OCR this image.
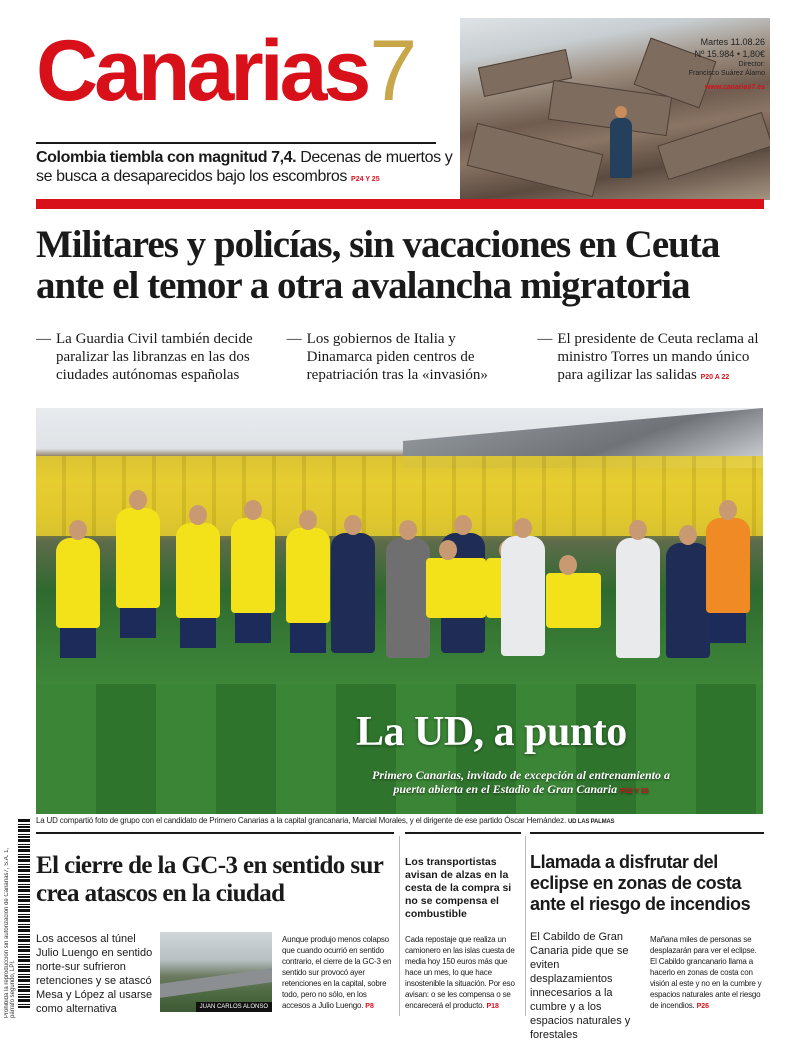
Canarias7	Martes 11.08.26
Nº 15.984 • 1,80€
Director:
Francisco Suárez Álamo
www.canarias7.es
Colombia tiembla con magnitud 7,4. Decenas de muertos y se busca a desaparecidos bajo los escombros P24 Y 25
Militares y policías, sin vacaciones en Ceuta ante el temor a otra avalancha migratoria
— La Guardia Civil también decide
paralizar las libranzas en las dos ciudades autónomas españolas
— Los gobiernos de Italia y
Dinamarca piden centros de repatriación tras la «invasión»
— El presidente de Ceuta reclama al
ministro Torres un mando único para agilizar las salidas P20 A 22
La UD, a punto
Primero Canarias, invitado de excepción al entrenamiento a puerta abierta en el Estadio de Gran Canaria P32 Y 33
La UD compartió foto de grupo con el candidato de Primero Canarias a la capital grancanaria, Marcial Morales, y el dirigente de ese partido Óscar Hernández. UD LAS PALMAS
Prohibida la reproducción sin autorización de Canarias7, S.A. 1, párrafo segundo, LPI.
El cierre de la GC-3 en sentido sur crea atascos en la ciudad
Los accesos al túnel Julio Luengo en sentido norte-sur sufrieron retenciones y se atascó Mesa y López al usarse como alternativa	JUAN CARLOS ALONSO
Aunque produjo menos colapso que cuando ocurrió en sentido contrario, el cierre de la GC-3 en sentido sur provocó ayer retenciones en la capital, sobre todo, pero no sólo, en los accesos a Julio Luengo. P8
Los transportistas avisan de alzas en la cesta de la compra si no se compensa el combustible
Cada repostaje que realiza un camionero en las islas cuesta de media hoy 150 euros más que hace un mes, lo que hace insostenible la situación. Por eso avisan: o se les compensa o se encarecerá el producto. P18
Llamada a disfrutar del eclipse en zonas de costa ante el riesgo de incendios
El Cabildo de Gran Canaria pide que se eviten desplazamientos innecesarios a la cumbre y a los espacios naturales y forestales
Mañana miles de personas se desplazarán para ver el eclipse. El Cabildo grancanario llama a hacerlo en zonas de costa con visión al este y no en la cumbre y espacios naturales ante el riesgo de incendios. P26
